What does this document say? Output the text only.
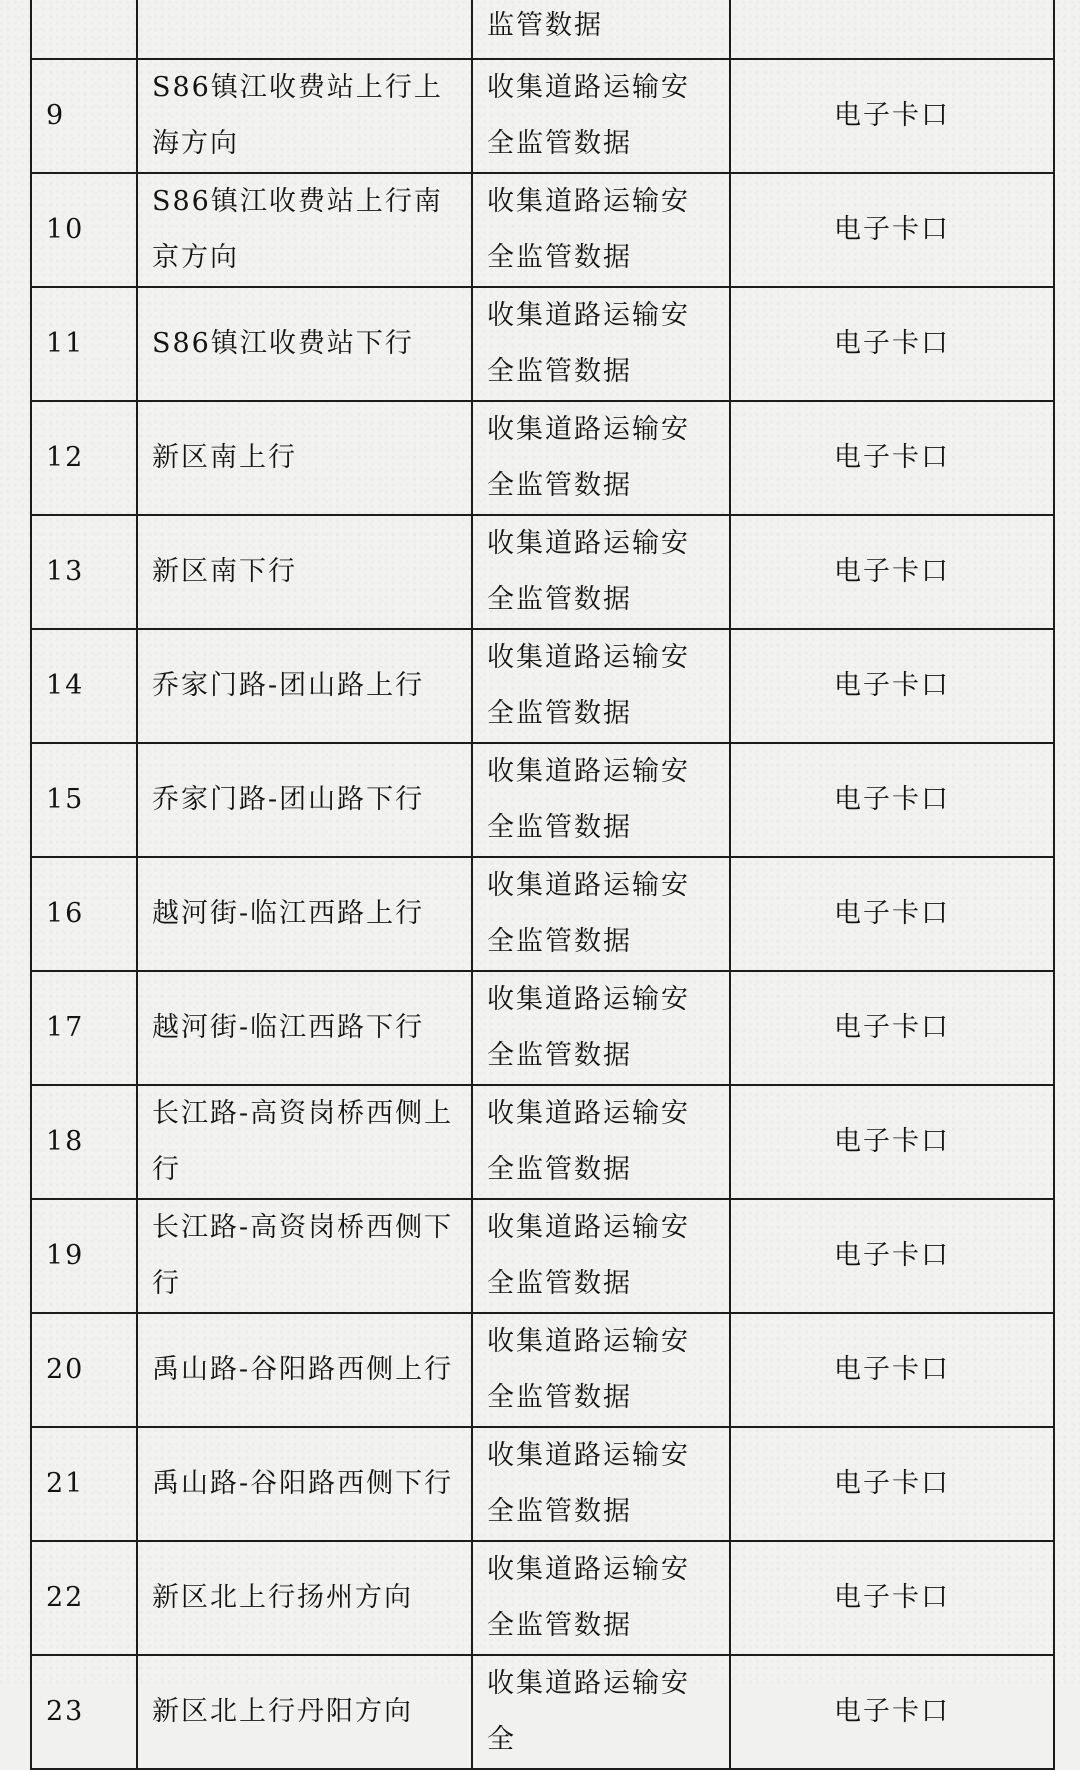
		监管数据	
9	S86镇江收费站上行上海方向	收集道路运输安全监管数据	电子卡口
10	S86镇江收费站上行南京方向	收集道路运输安全监管数据	电子卡口
11	S86镇江收费站下行	收集道路运输安全监管数据	电子卡口
12	新区南上行	收集道路运输安全监管数据	电子卡口
13	新区南下行	收集道路运输安全监管数据	电子卡口
14	乔家门路-团山路上行	收集道路运输安全监管数据	电子卡口
15	乔家门路-团山路下行	收集道路运输安全监管数据	电子卡口
16	越河街-临江西路上行	收集道路运输安全监管数据	电子卡口
17	越河街-临江西路下行	收集道路运输安全监管数据	电子卡口
18	长江路-高资岗桥西侧上行	收集道路运输安全监管数据	电子卡口
19	长江路-高资岗桥西侧下行	收集道路运输安全监管数据	电子卡口
20	禹山路-谷阳路西侧上行	收集道路运输安全监管数据	电子卡口
21	禹山路-谷阳路西侧下行	收集道路运输安全监管数据	电子卡口
22	新区北上行扬州方向	收集道路运输安全监管数据	电子卡口
23	新区北上行丹阳方向	收集道路运输安全	电子卡口
